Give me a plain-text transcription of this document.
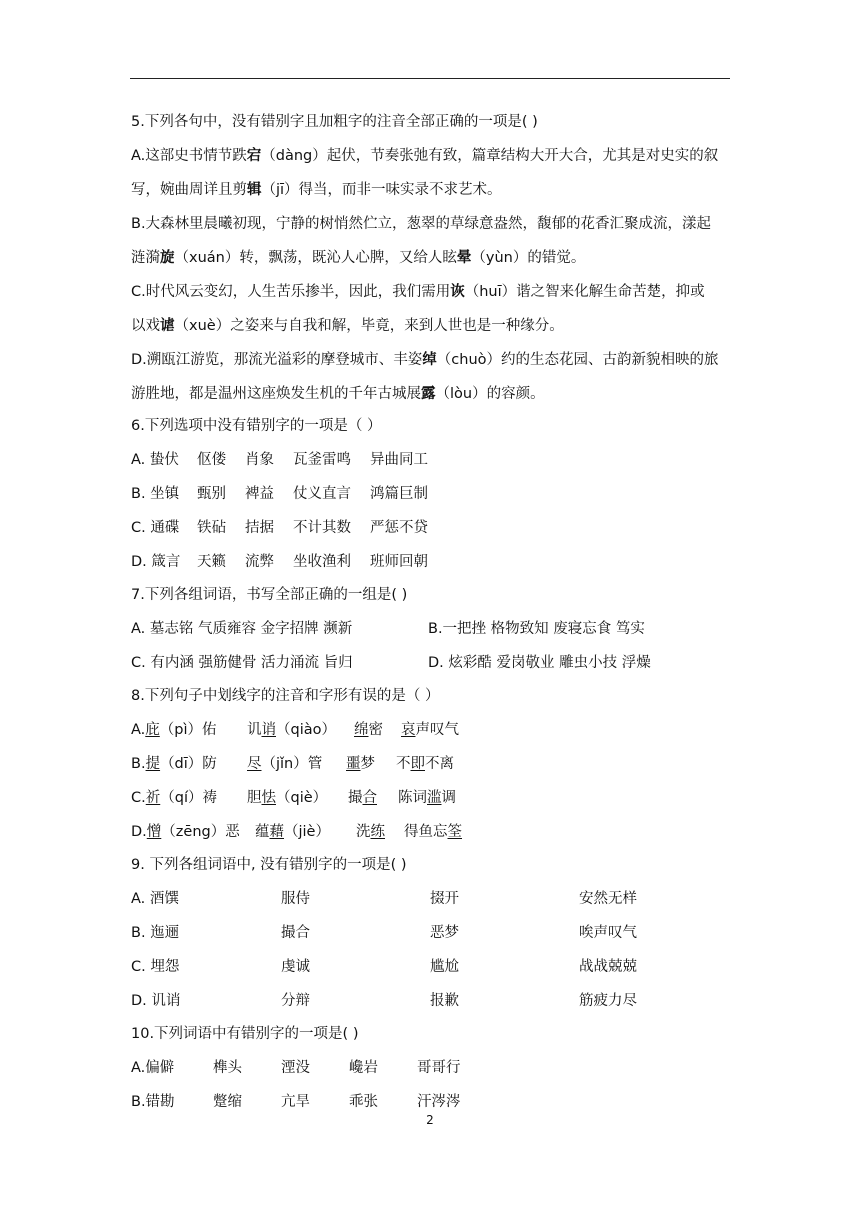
5.下列各句中，没有错别字且加粗字的注音全部正确的一项是( )
A.这部史书情节跌宕（dàng）起伏，节奏张弛有致，篇章结构大开大合，尤其是对史实的叙
写，婉曲周详且剪辑（jī）得当，而非一味实录不求艺术。
B.大森林里晨曦初现，宁静的树悄然伫立，葱翠的草绿意盎然，馥郁的花香汇聚成流，漾起
涟漪旋（xuán）转，飘荡，既沁人心脾，又给人眩晕（yùn）的错觉。
C.时代风云变幻，人生苦乐掺半，因此，我们需用诙（huī）谐之智来化解生命苦楚，抑或
以戏谑（xuè）之姿来与自我和解，毕竟，来到人世也是一种缘分。
D.溯瓯江游览，那流光溢彩的摩登城市、丰姿绰（chuò）约的生态花园、古韵新貌相映的旅
游胜地，都是温州这座焕发生机的千年古城展露（lòu）的容颜。
6.下列选项中没有错别字的一项是（ ）
A. 蛰伏 伛偻 肖象 瓦釜雷鸣 异曲同工
B. 坐镇 甄别 裨益 仗义直言 鸿篇巨制
C. 通碟 铁砧 拮据 不计其数 严惩不贷
D. 箴言 天籁 流弊 坐收渔利 班师回朝
7.下列各组词语，书写全部正确的一组是( )
A. 墓志铭 气质雍容 金字招牌 濒新	B.一把挫 格物致知 废寝忘食 笃实
C. 有内涵 强筋健骨 活力涌流 旨归	D. 炫彩酷 爱岗敬业 雕虫小技 浮燥
8.下列句子中划线字的注音和字形有误的是（ ）
A.庇（pì）佑 讥诮（qiào） 绵密 哀声叹气
B.提（dī）防 尽（jǐn）管 噩梦 不即不离
C.祈（qí）祷 胆怯（qiè） 撮合 陈词滥调
D.憎（zēng）恶 蕴藉（jiè） 洗练 得鱼忘筌
9. 下列各组词语中, 没有错别字的一项是( )
A. 酒馔	服侍	掇开	安然无样
B. 迤逦	撮合	恶梦	唉声叹气
C. 埋怨	虔诚	尴尬	战战兢兢
D. 讥诮	分辩	报歉	筋疲力尽
10.下列词语中有错别字的一项是( )
A.偏僻	榫头	湮没	巉岩	哥哥行
B.错勘	蹩缩	亢旱	乖张	汗涔涔
2
